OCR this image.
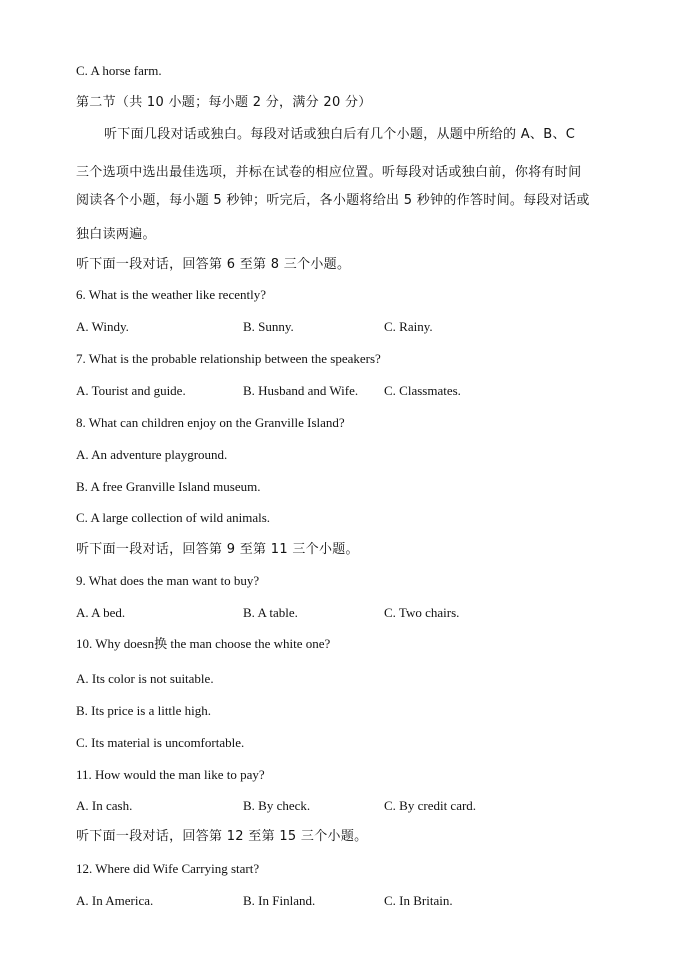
C. A horse farm.
第二节（共 10 小题；每小题 2 分，满分 20 分）
听下面几段对话或独白。每段对话或独白后有几个小题，从题中所给的 A、B、C
三个选项中选出最佳选项，并标在试卷的相应位置。听每段对话或独白前，你将有时间
阅读各个小题，每小题 5 秒钟；听完后，各小题将给出 5 秒钟的作答时间。每段对话或
独白读两遍。
听下面一段对话，回答第 6 至第 8 三个小题。
6. What is the weather like recently?
A. Windy.	B. Sunny.	C. Rainy.
7. What is the probable relationship between the speakers?
A. Tourist and guide.	B. Husband and Wife. C. Classmates.
8. What can children enjoy on the Granville Island?
A. An adventure playground.
B. A free Granville Island museum.
C. A large collection of wild animals.
听下面一段对话，回答第 9 至第 11 三个小题。
9. What does the man want to buy?
A. A bed.	B. A table.	C. Two chairs.
10. Why doesn换 the man choose the white one?
A. Its color is not suitable.
B. Its price is a little high.
C. Its material is uncomfortable.
11. How would the man like to pay?
A. In cash.	B. By check.	C. By credit card.
听下面一段对话，回答第 12 至第 15 三个小题。
12. Where did Wife Carrying start?
A. In America.	B. In Finland.	C. In Britain.
